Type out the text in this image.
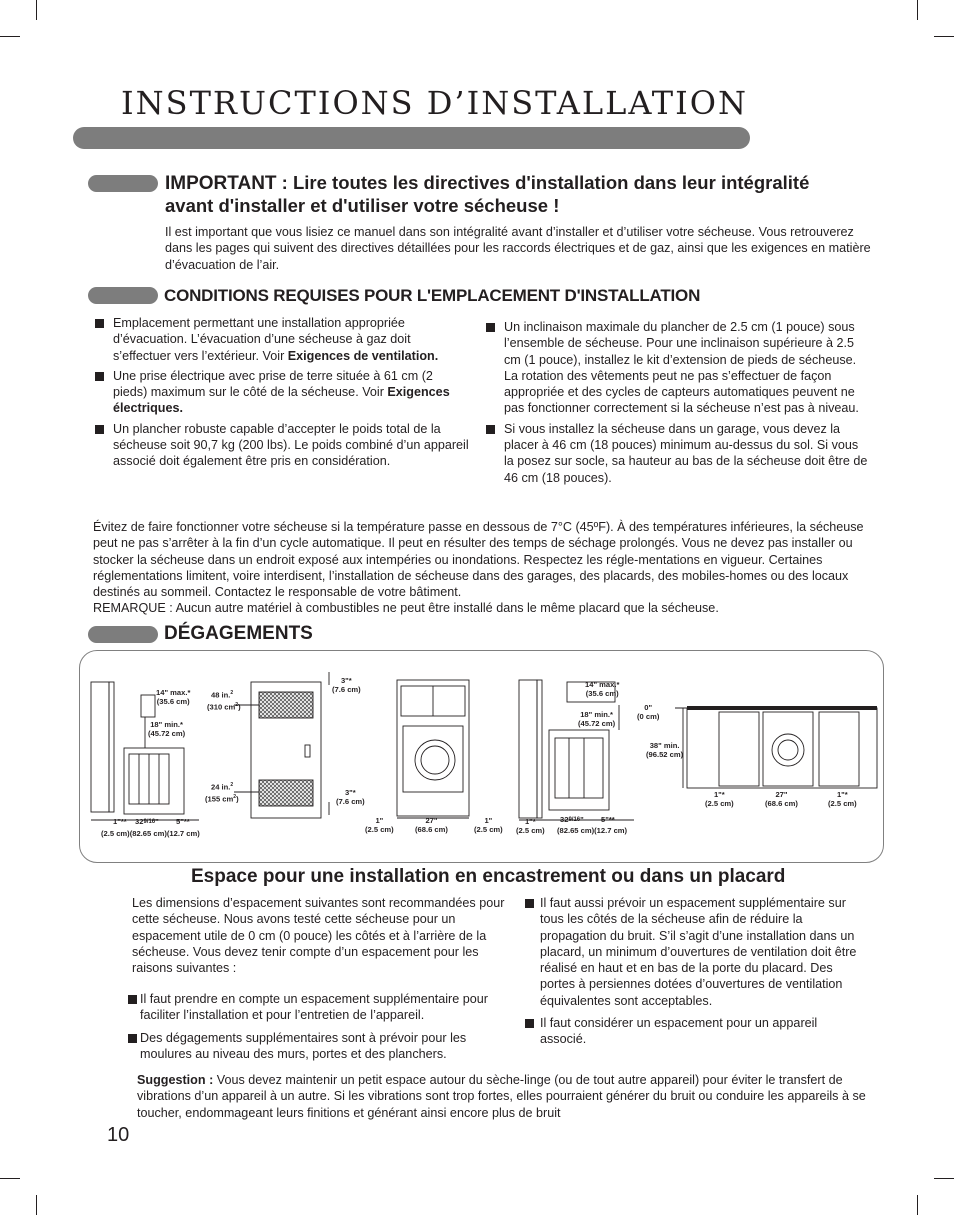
INSTRUCTIONS D’INSTALLATION
IMPORTANT : Lire toutes les directives d'installation dans leur intégralité avant d'installer et d'utiliser votre sécheuse !
Il est important que vous lisiez ce manuel dans son intégralité avant d’installer et d’utiliser votre sécheuse. Vous retrouverez dans les pages qui suivent des directives détaillées pour les raccords électriques et de gaz, ainsi que les exigences en matière d’évacuation de l’air.
CONDITIONS REQUISES POUR L'EMPLACEMENT D'INSTALLATION
Emplacement permettant une installation appropriée d’évacuation. L’évacuation d’une sécheuse à gaz doit s’effectuer vers l’extérieur. Voir Exigences de ventilation.
Une prise électrique avec prise de terre située à 61 cm (2 pieds) maximum sur le côté de la sécheuse. Voir Exigences électriques.
Un plancher robuste capable d’accepter le poids total de la sécheuse soit 90,7 kg (200 lbs). Le poids combiné d’un appareil associé doit également être pris en considération.
Un inclinaison maximale du plancher de 2.5 cm (1 pouce) sous l’ensemble de sécheuse. Pour une inclinaison supérieure à 2.5 cm (1 pouce), installez le kit d’extension de pieds de sécheuse. La rotation des vêtements peut ne pas s’effectuer de façon appropriée et des cycles de capteurs automatiques peuvent ne pas fonctionner correctement si la sécheuse n’est pas à niveau.
Si vous installez la sécheuse dans un garage, vous devez la placer à 46 cm (18 pouces) minimum au-dessus du sol. Si vous la posez sur socle, sa hauteur au bas de la sécheuse doit être de 46 cm (18 pouces).
Évitez de faire fonctionner votre sécheuse si la température passe en dessous de 7°C (45ºF). À des températures inférieures, la sécheuse peut ne pas s’arrêter à la fin d’un cycle automatique. Il peut en résulter des temps de séchage prolongés. Vous ne devez pas installer ou stocker la sécheuse dans un endroit exposé aux intempéries ou inondations. Respectez les régle-mentations en vigueur. Certaines réglementations limitent, voire interdisent, l’installation de sécheuse dans des garages, des placards, des mobiles-homes ou des locaux destinés au sommeil. Contactez le responsable de votre bâtiment.
REMARQUE : Aucun autre matériel à combustibles ne peut être installé dans le même placard que la sécheuse.
DÉGAGEMENTS
14" max.*
(35.6 cm)
18" min.*
(45.72 cm)
1"** $32^{9/16}$" 5"**
(2.5 cm)(82.65 cm)(12.7 cm)
48 in.$^2$
(310 $cm^2$)
24 in.$^2$
(155 $cm^2$)
3"*
(7.6 cm)
3"*
(7.6 cm)
1"
(2.5 cm)
27"
(68.6 cm)
1"
(2.5 cm)
14" max.*
(35.6 cm)
18" min.*
(45.72 cm)
1"*
(2.5 cm)
$32^{9/16}$" 5"**
(82.65 cm)(12.7 cm)
0"
(0 cm)
38" min.
(96.52 cm)
1"*
(2.5 cm)
27"
(68.6 cm)
1"*
(2.5 cm)
Espace pour une installation en encastrement ou dans un placard
Les dimensions d’espacement suivantes sont recommandées pour cette sécheuse. Nous avons testé cette sécheuse pour un espacement utile de 0 cm (0 pouce) les côtés et à l’arrière de la sécheuse. Vous devez tenir compte d’un espacement pour les raisons suivantes :
Il faut prendre en compte un espacement supplémentaire pour faciliter l’installation et pour l’entretien de l’appareil.
Des dégagements supplémentaires sont à prévoir pour les moulures au niveau des murs, portes et des planchers.
Il faut aussi prévoir un espacement supplémentaire sur tous les côtés de la sécheuse afin de réduire la propagation du bruit. S’il s’agit d’une installation dans un placard, un minimum d’ouvertures de ventilation doit être réalisé en haut et en bas de la porte du placard. Des portes à persiennes dotées d’ouvertures de ventilation équivalentes sont acceptables.
Il faut considérer un espacement pour un appareil associé.
Suggestion : Vous devez maintenir un petit espace autour du sèche-linge (ou de tout autre appareil) pour éviter le transfert de vibrations d’un appareil à un autre. Si les vibrations sont trop fortes, elles pourraient générer du bruit ou conduire les appareils à se toucher, endommageant leurs finitions et générant ainsi encore plus de bruit
10
